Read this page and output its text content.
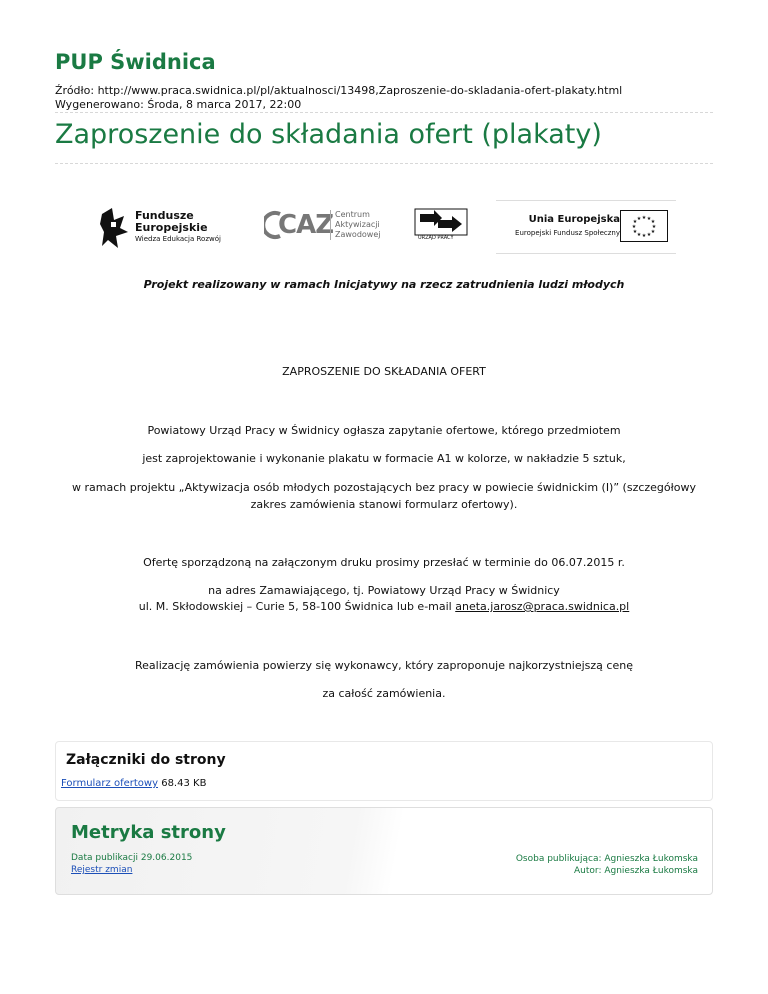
PUP Świdnica
Źródło: http://www.praca.swidnica.pl/pl/aktualnosci/13498,Zaproszenie-do-skladania-ofert-plakaty.html
Wygenerowano: Środa, 8 marca 2017, 22:00
Zaproszenie do składania ofert (plakaty)
Fundusze
Europejskie
Wiedza Edukacja Rozwój CAZ Centrum
Aktywizacji
Zawodowej	URZĄD PRACY
Unia Europejska
Europejski Fundusz Społeczny
★ ★ ★
★
★
★
★
★
★
★
★ ★
Projekt realizowany w ramach Inicjatywy na rzecz zatrudnienia ludzi młodych
ZAPROSZENIE DO SKŁADANIA OFERT
Powiatowy Urząd Pracy w Świdnicy ogłasza zapytanie ofertowe, którego przedmiotem
jest zaprojektowanie i wykonanie plakatu w formacie A1 w kolorze, w nakładzie 5 sztuk,
w ramach projektu „Aktywizacja osób młodych pozostających bez pracy w powiecie świdnickim (I)” (szczegółowy zakres zamówienia stanowi formularz ofertowy).
Ofertę sporządzoną na załączonym druku prosimy przesłać w terminie do 06.07.2015 r.
na adres Zamawiającego, tj. Powiatowy Urząd Pracy w Świdnicy
ul. M. Skłodowskiej – Curie 5, 58-100 Świdnica lub e-mail aneta.jarosz@praca.swidnica.pl
Realizację zamówienia powierzy się wykonawcy, który zaproponuje najkorzystniejszą cenę
za całość zamówienia.
Załączniki do strony
Formularz ofertowy 68.43 KB
Metryka strony
Data publikacji 29.06.2015
Rejestr zmian
Osoba publikująca: Agnieszka Łukomska
Autor: Agnieszka Łukomska
